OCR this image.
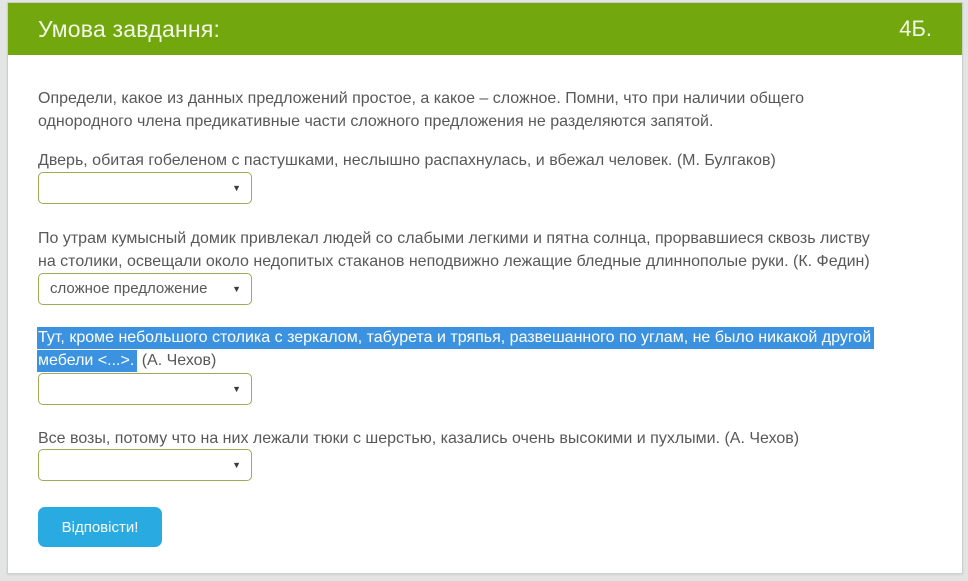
Умова завдання:	4Б.
Определи, какое из данных предложений простое, а какое – сложное. Помни, что при наличии общего
однородного члена предикативные части сложного предложения не разделяются запятой.
Дверь, обитая гобеленом с пастушками, неслышно распахнулась, и вбежал человек. (М. Булгаков)
▼
По утрам кумысный домик привлекал людей со слабыми легкими и пятна солнца, прорвавшиеся сквозь листву
на столики, освещали около недопитых стаканов неподвижно лежащие бледные длиннополые руки. (К. Федин)
сложное предложение	▼
Тут, кроме небольшого столика с зеркалом, табурета и тряпья, развешанного по углам, не было никакой другой
мебели <...>. (А. Чехов)
▼
Все возы, потому что на них лежали тюки с шерстью, казались очень высокими и пухлыми. (А. Чехов)
▼
Відповісти!
